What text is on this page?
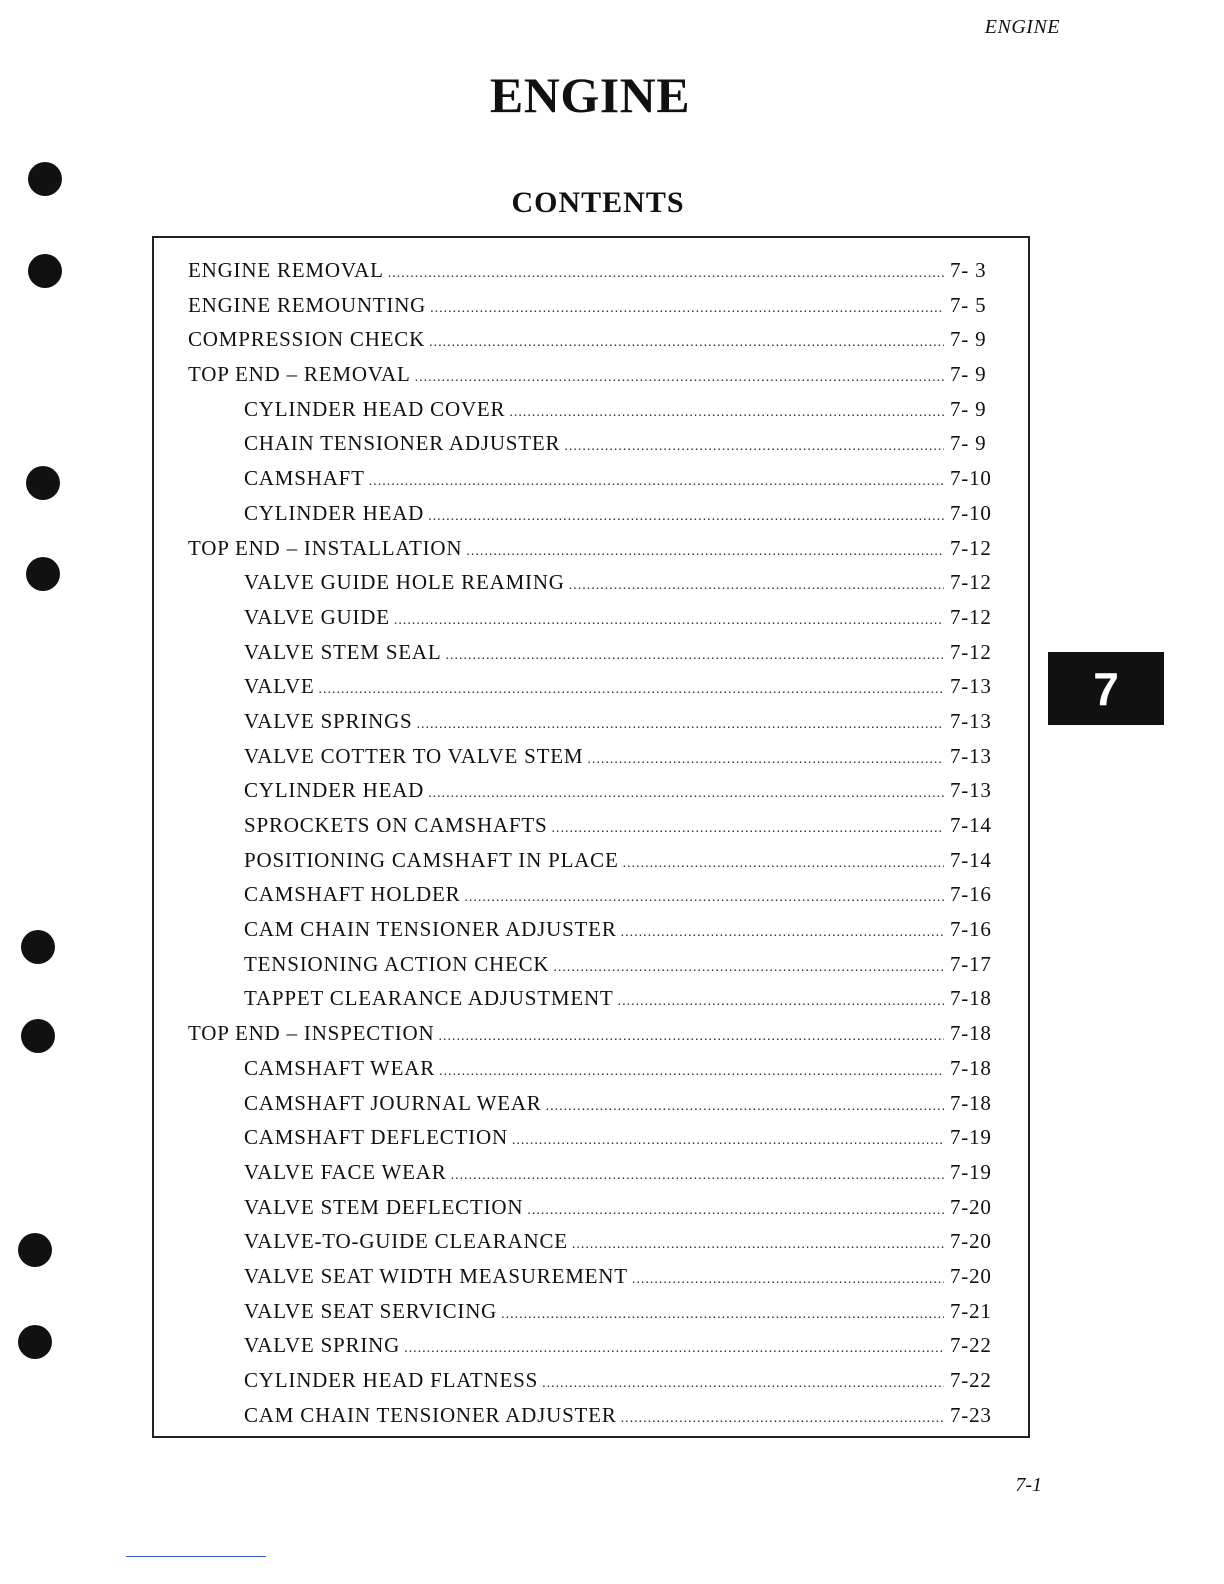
ENGINE
ENGINE
CONTENTS
ENGINE REMOVAL .....	7- 3
ENGINE REMOUNTING .....	7- 5
COMPRESSION CHECK .....	7- 9
TOP END – REMOVAL .....	7- 9
CYLINDER HEAD COVER .....	7- 9
CHAIN TENSIONER ADJUSTER .....	7- 9
CAMSHAFT .....	7-10
CYLINDER HEAD .....	7-10
TOP END – INSTALLATION .....	7-12
VALVE GUIDE HOLE REAMING .....	7-12
VALVE GUIDE .....	7-12
VALVE STEM SEAL .....	7-12
VALVE .....	7-13
VALVE SPRINGS .....	7-13
VALVE COTTER TO VALVE STEM .....	7-13
CYLINDER HEAD .....	7-13
SPROCKETS ON CAMSHAFTS .....	7-14
POSITIONING CAMSHAFT IN PLACE .....	7-14
CAMSHAFT HOLDER .....	7-16
CAM CHAIN TENSIONER ADJUSTER .....	7-16
TENSIONING ACTION CHECK .....	7-17
TAPPET CLEARANCE ADJUSTMENT .....	7-18
TOP END – INSPECTION .....	7-18
CAMSHAFT WEAR .....	7-18
CAMSHAFT JOURNAL WEAR .....	7-18
CAMSHAFT DEFLECTION .....	7-19
VALVE FACE WEAR .....	7-19
VALVE STEM DEFLECTION .....	7-20
VALVE-TO-GUIDE CLEARANCE .....	7-20
VALVE SEAT WIDTH MEASUREMENT .....	7-20
VALVE SEAT SERVICING .....	7-21
VALVE SPRING .....	7-22
CYLINDER HEAD FLATNESS .....	7-22
CAM CHAIN TENSIONER ADJUSTER .....	7-23
7
7-1
